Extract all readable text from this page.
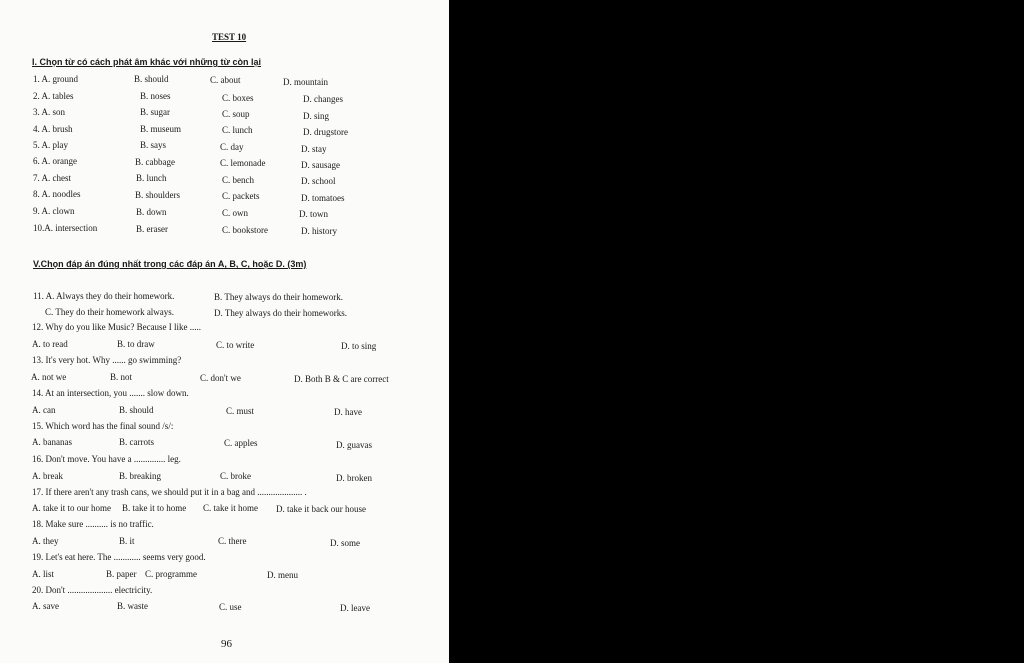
TEST 10
I. Chọn từ có cách phát âm khác với những từ còn lại
1. A. ground	B. should	C. about	D. mountain
2. A. tables	B. noses	C. boxes	D. changes
3. A. son	B. sugar	C. soup	D. sing
4. A. brush	B. museum	C. lunch	D. drugstore
5. A. play	B. says	C. day	D. stay
6. A. orange	B. cabbage	C. lemonade	D. sausage
7. A. chest	B. lunch	C. bench	D. school
8. A. noodles	B. shoulders	C. packets	D. tomatoes
9. A. clown	B. down	C. own	D. town
10.A. intersection	B. eraser	C. bookstore	D. history
V.Chọn đáp án đúng nhất trong các đáp án A, B, C, hoặc D. (3m)
11. A. Always they do their homework.	B. They always do their homework.
C. They do their homework always.	D. They always do their homeworks.
12. Why do you like Music? Because I like .....
A. to read	B. to draw	C. to write	D. to sing
13. It's very hot. Why ...... go swimming?
A. not we	B. not	C. don't we	D. Both B & C are correct
14. At an intersection, you ....... slow down.
A. can	B. should	C. must	D. have
15. Which word has the final sound /s/:
A. bananas	B. carrots	C. apples	D. guavas
16. Don't move. You have a .............. leg.
A. break	B. breaking	C. broke	D. broken
17. If there aren't any trash cans, we should put it in a bag and .................... .
A. take it to our home B. take it to home C. take it home D. take it back our house
18. Make sure .......... is no traffic.
A. they	B. it	C. there	D. some
19. Let's eat here. The ............ seems very good.
A. list	B. paper C. programme	D. menu
20. Don't .................... electricity.
A. save	B. waste	C. use	D. leave
96
